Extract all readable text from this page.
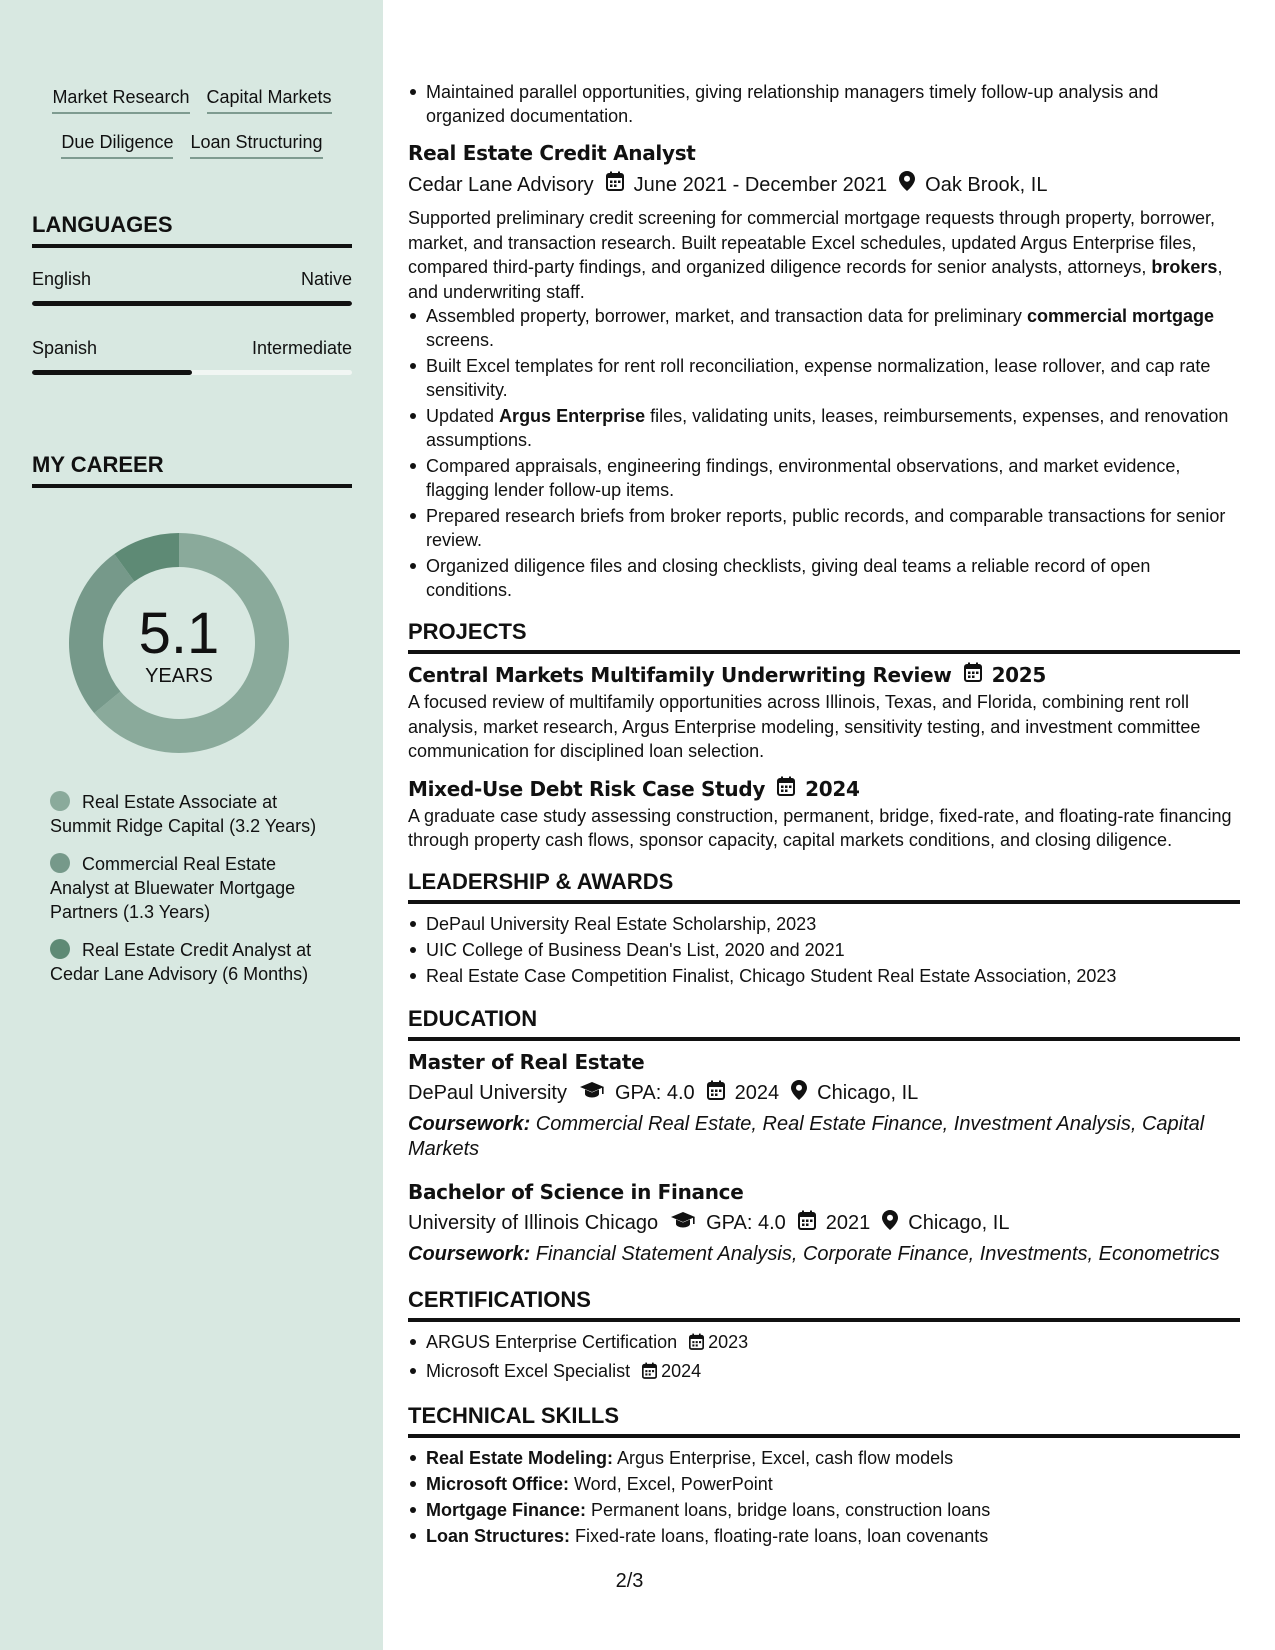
Market Research Capital Markets
Due Diligence Loan Structuring
LANGUAGES
English	Native
Spanish	Intermediate
MY CAREER
5.1
YEARS
Real Estate Associate at Summit Ridge Capital (3.2 Years)
Commercial Real Estate Analyst at Bluewater Mortgage Partners (1.3 Years)
Real Estate Credit Analyst at Cedar Lane Advisory (6 Months)
Maintained parallel opportunities, giving relationship managers timely follow-up analysis and organized documentation.
Real Estate Credit Analyst
Cedar Lane Advisory June 2021 - December 2021 Oak Brook, IL

Supported preliminary credit screening for commercial mortgage requests through property, borrower, market, and transaction research. Built repeatable Excel schedules, updated Argus Enterprise files, compared third-party findings, and organized diligence records for senior analysts, attorneys, brokers, and underwriting staff.

Assembled property, borrower, market, and transaction data for preliminary commercial mortgage screens.
Built Excel templates for rent roll reconciliation, expense normalization, lease rollover, and cap rate sensitivity.
Updated Argus Enterprise files, validating units, leases, reimbursements, expenses, and renovation assumptions.
Compared appraisals, engineering findings, environmental observations, and market evidence, flagging lender follow-up items.
Prepared research briefs from broker reports, public records, and comparable transactions for senior review.
Organized diligence files and closing checklists, giving deal teams a reliable record of open conditions.
PROJECTS
Central Markets Multifamily Underwriting Review 2025

A focused review of multifamily opportunities across Illinois, Texas, and Florida, combining rent roll analysis, market research, Argus Enterprise modeling, sensitivity testing, and investment committee communication for disciplined loan selection.

Mixed-Use Debt Risk Case Study 2024

A graduate case study assessing construction, permanent, bridge, fixed-rate, and floating-rate financing through property cash flows, sponsor capacity, capital markets conditions, and closing diligence.

LEADERSHIP & AWARDS
DePaul University Real Estate Scholarship, 2023
UIC College of Business Dean's List, 2020 and 2021
Real Estate Case Competition Finalist, Chicago Student Real Estate Association, 2023
EDUCATION
Master of Real Estate
DePaul University GPA: 4.0 2024 Chicago, IL

Coursework: Commercial Real Estate, Real Estate Finance, Investment Analysis, Capital Markets

Bachelor of Science in Finance
University of Illinois Chicago GPA: 4.0 2021 Chicago, IL

Coursework: Financial Statement Analysis, Corporate Finance, Investments, Econometrics

CERTIFICATIONS
ARGUS Enterprise Certification 2023
Microsoft Excel Specialist 2024
TECHNICAL SKILLS
Real Estate Modeling: Argus Enterprise, Excel, cash flow models
Microsoft Office: Word, Excel, PowerPoint
Mortgage Finance: Permanent loans, bridge loans, construction loans
Loan Structures: Fixed-rate loans, floating-rate loans, loan covenants
2/3
